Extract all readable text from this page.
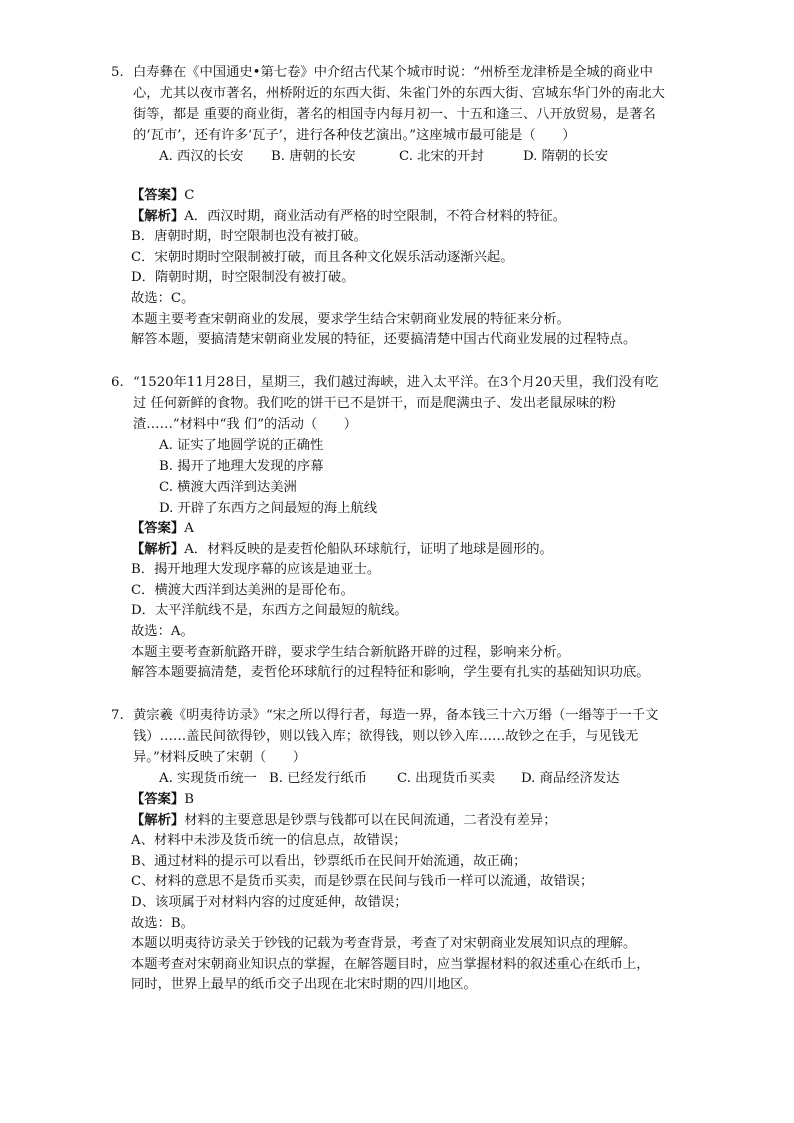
5. 白寿彝在《中国通史•第七卷》中介绍古代某个城市时说：“州桥至龙津桥是全城的商业中心，尤其以夜市著名，州桥附近的东西大街、朱雀门外的东西大街、宫城东华门外的南北大街等，都是 重要的商业街，著名的相国寺内每月初一、十五和逢三、八开放贸易，是著名的‘瓦市’，还有许多‘瓦子’，进行各种伎艺演出。”这座城市最可能是（　　）

A. 西汉的长安	B. 唐朝的长安	C. 北宋的开封	D. 隋朝的长安

【答案】C

【解析】A．西汉时期，商业活动有严格的时空限制，不符合材料的特征。

B．唐朝时期，时空限制也没有被打破。

C．宋朝时期时空限制被打破，而且各种文化娱乐活动逐渐兴起。

D．隋朝时期，时空限制没有被打破。

故选：C。

本题主要考查宋朝商业的发展，要求学生结合宋朝商业发展的特征来分析。

解答本题，要搞清楚宋朝商业发展的特征，还要搞清楚中国古代商业发展的过程特点。

6. “1520年11月28日，星期三，我们越过海峡，进入太平洋。在3个月20天里，我们没有吃过 任何新鲜的食物。我们吃的饼干已不是饼干，而是爬满虫子、发出老鼠尿味的粉渣……”材料中“我 们”的活动（　　）

A. 证实了地圆学说的正确性
B. 揭开了地理大发现的序幕
C. 横渡大西洋到达美洲
D. 开辟了东西方之间最短的海上航线

【答案】A

【解析】A．材料反映的是麦哲伦船队环球航行，证明了地球是圆形的。

B．揭开地理大发现序幕的应该是迪亚士。

C．横渡大西洋到达美洲的是哥伦布。

D．太平洋航线不是，东西方之间最短的航线。

故选：A。

本题主要考查新航路开辟，要求学生结合新航路开辟的过程，影响来分析。

解答本题要搞清楚，麦哲伦环球航行的过程特征和影响，学生要有扎实的基础知识功底。

7. 黄宗羲《明夷待访录》“宋之所以得行者，每造一界，备本钱三十六万缗（一缗等于一千文钱）……盖民间欲得钞，则以钱入库；欲得钱，则以钞入库……故钞之在手，与见钱无异。”材料反映了宋朝（　　）

A. 实现货币统一 B. 已经发行纸币	C. 出现货币买卖	D. 商品经济发达

【答案】B

【解析】材料的主要意思是钞票与钱都可以在民间流通，二者没有差异；

A、材料中未涉及货币统一的信息点，故错误；

B、通过材料的提示可以看出，钞票纸币在民间开始流通，故正确；

C、材料的意思不是货币买卖，而是钞票在民间与钱币一样可以流通，故错误；

D、该项属于对材料内容的过度延伸，故错误；

故选：B。

本题以明夷待访录关于钞钱的记载为考查背景，考查了对宋朝商业发展知识点的理解。

本题考查对宋朝商业知识点的掌握，在解答题目时，应当掌握材料的叙述重心在纸币上，

同时，世界上最早的纸币交子出现在北宋时期的四川地区。
